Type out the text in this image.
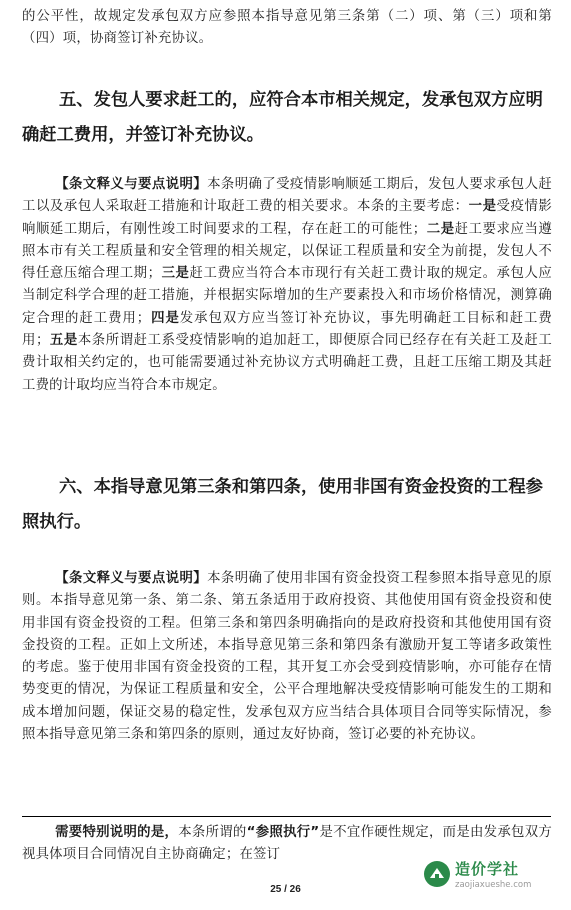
的公平性，故规定发承包双方应参照本指导意见第三条第（二）项、第（三）项和第（四）项，协商签订补充协议。
五、发包人要求赶工的，应符合本市相关规定，发承包双方应明确赶工费用，并签订补充协议。
【条文释义与要点说明】本条明确了受疫情影响顺延工期后，发包人要求承包人赶工以及承包人采取赶工措施和计取赶工费的相关要求。本条的主要考虑：一是受疫情影响顺延工期后，有刚性竣工时间要求的工程，存在赶工的可能性；二是赶工要求应当遵照本市有关工程质量和安全管理的相关规定，以保证工程质量和安全为前提，发包人不得任意压缩合理工期；三是赶工费应当符合本市现行有关赶工费计取的规定。承包人应当制定科学合理的赶工措施，并根据实际增加的生产要素投入和市场价格情况，测算确定合理的赶工费用；四是发承包双方应当签订补充协议，事先明确赶工目标和赶工费用；五是本条所谓赶工系受疫情影响的追加赶工，即便原合同已经存在有关赶工及赶工费计取相关约定的，也可能需要通过补充协议方式明确赶工费，且赶工压缩工期及其赶工费的计取均应当符合本市规定。
六、本指导意见第三条和第四条，使用非国有资金投资的工程参照执行。
【条文释义与要点说明】本条明确了使用非国有资金投资工程参照本指导意见的原则。本指导意见第一条、第二条、第五条适用于政府投资、其他使用国有资金投资和使用非国有资金投资的工程。但第三条和第四条明确指向的是政府投资和其他使用国有资金投资的工程。正如上文所述，本指导意见第三条和第四条有激励开复工等诸多政策性的考虑。鉴于使用非国有资金投资的工程，其开复工亦会受到疫情影响，亦可能存在情势变更的情况，为保证工程质量和安全，公平合理地解决受疫情影响可能发生的工期和成本增加问题，保证交易的稳定性，发承包双方应当结合具体项目合同等实际情况，参照本指导意见第三条和第四条的原则，通过友好协商，签订必要的补充协议。
需要特别说明的是，本条所谓的“参照执行”是不宜作硬性规定，而是由发承包双方视具体项目合同情况自主协商确定；在签订
25 / 26
造价学社
zaojiaxueshe.com
